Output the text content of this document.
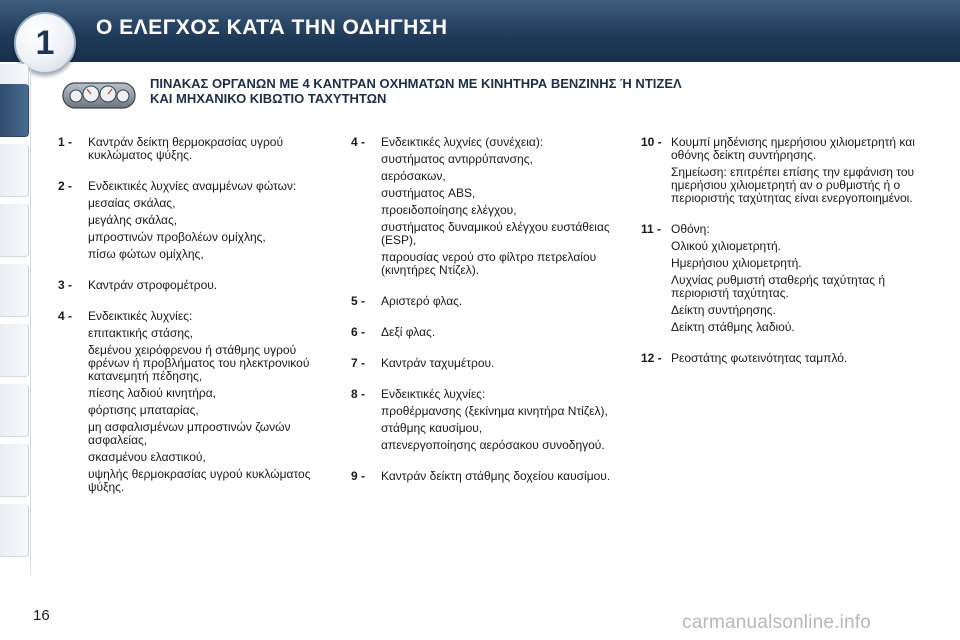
1 Ο ΕΛΕΓΧΟΣ ΚΑΤΆ ΤΗΝ ΟΔΗΓΗΣΗ
ΠΙΝΑΚΑΣ ΟΡΓΑΝΩΝ ΜΕ 4 ΚΑΝΤΡΑΝ ΟΧΗΜΑΤΩΝ ΜΕ ΚΙΝΗΤΗΡΑ ΒΕΝΖΙΝΗΣ Ή ΝΤΙΖΕΛ
ΚΑΙ ΜΗΧΑΝΙΚΟ ΚΙΒΩΤΙΟ ΤΑΧΥΤΗΤΩΝ
1 - Καντράν δείκτη θερμοκρασίας υγρού κυκλώματος ψύξης.
2 - Ενδεικτικές λυχνίες αναμμένων φώτων:
μεσαίας σκάλας,
μεγάλης σκάλας,
μπροστινών προβολέων ομίχλης,
πίσω φώτων ομίχλης,
3 - Καντράν στροφομέτρου.
4 - Ενδεικτικές λυχνίες:
επιτακτικής στάσης,
δεμένου χειρόφρενου ή στάθμης υγρού φρένων ή προβλήματος του ηλεκτρονικού κατανεμητή πέδησης,
πίεσης λαδιού κινητήρα,
φόρτισης μπαταρίας,
μη ασφαλισμένων μπροστινών ζωνών ασφαλείας,
σκασμένου ελαστικού,
υψηλής θερμοκρασίας υγρού κυκλώματος ψύξης.
4 - Ενδεικτικές λυχνίες (συνέχεια):
συστήματος αντιρρύπανσης,
αερόσακων,
συστήματος ABS,
προειδοποίησης ελέγχου,
συστήματος δυναμικού ελέγχου ευστάθειας (ESP),
παρουσίας νερού στο φίλτρο πετρελαίου (κινητήρες Ντίζελ).
5 - Αριστερό φλας.
6 - Δεξί φλας.
7 - Καντράν ταχυμέτρου.
8 - Ενδεικτικές λυχνίες:
προθέρμανσης (ξεκίνημα κινητήρα Ντίζελ),
στάθμης καυσίμου,
απενεργοποίησης αερόσακου συνοδηγού.
9 - Καντράν δείκτη στάθμης δοχείου καυσίμου.
10 - Κουμπί μηδένισης ημερήσιου χιλιομετρητή και οθόνης δείκτη συντήρησης.
Σημείωση: επιτρέπει επίσης την εμφάνιση του ημερήσιου χιλιομετρητή αν ο ρυθμιστής ή ο περιοριστής ταχύτητας είναι ενεργοποιημένοι.
11 - Οθόνη:
Ολικού χιλιομετρητή.
Ημερήσιου χιλιομετρητή.
Λυχνίας ρυθμιστή σταθερής ταχύτητας ή περιοριστή ταχύτητας.
Δείκτη συντήρησης.
Δείκτη στάθμης λαδιού.
12 - Ρεοστάτης φωτεινότητας ταμπλό.
16	carmanualsonline.info
